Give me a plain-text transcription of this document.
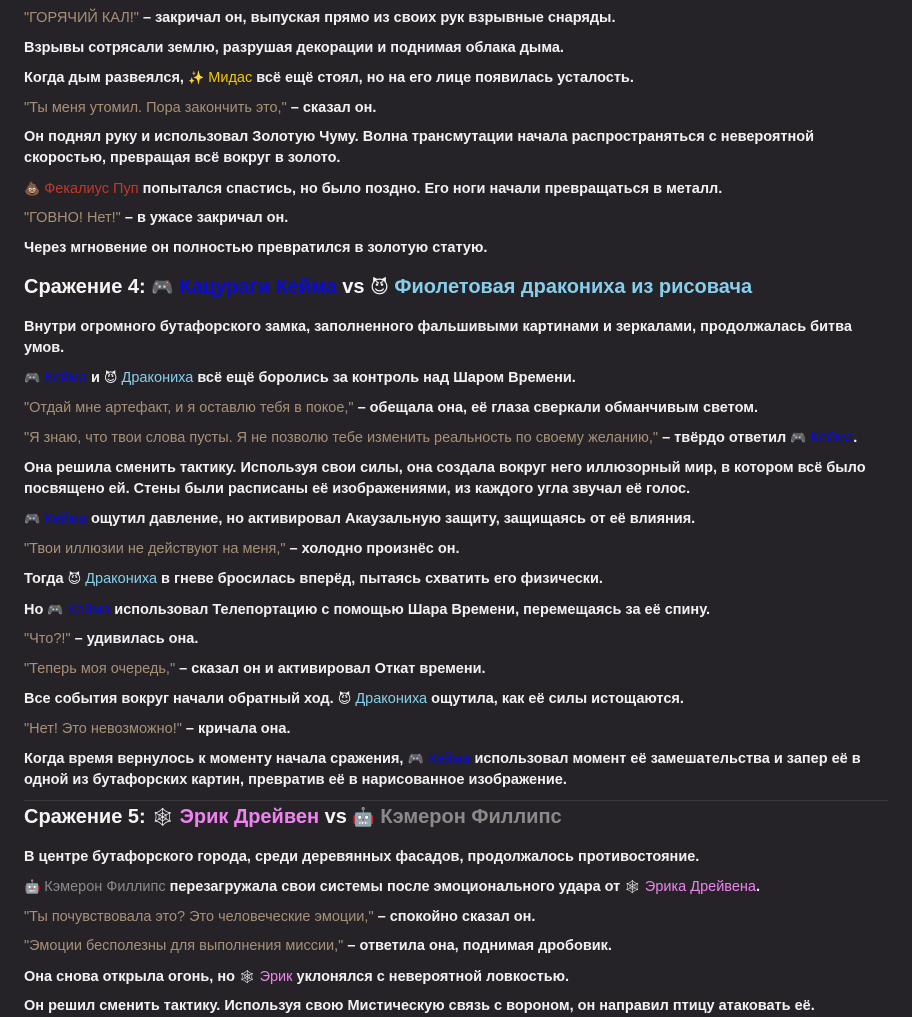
"ГОРЯЧИЙ КАЛ!" – закричал он, выпуская прямо из своих рук взрывные снаряды.

Взрывы сотрясали землю, разрушая декорации и поднимая облака дыма.

Когда дым развеялся, ✨ Мидас всё ещё стоял, но на его лице появилась усталость.

"Ты меня утомил. Пора закончить это," – сказал он.

Он поднял руку и использовал Золотую Чуму. Волна трансмутации начала распространяться с невероятной скоростью, превращая всё вокруг в золото.

💩 Фекалиус Пуп попытался спастись, но было поздно. Его ноги начали превращаться в металл.

"ГОВНО! Нет!" – в ужасе закричал он.

Через мгновение он полностью превратился в золотую статую.

Сражение 4: 🎮 Кацураги Кейма vs 😈 Фиолетовая дракониха из рисовача

Внутри огромного бутафорского замка, заполненного фальшивыми картинами и зеркалами, продолжалась битва умов.

🎮 Кейма и 😈 Дракониха всё ещё боролись за контроль над Шаром Времени.

"Отдай мне артефакт, и я оставлю тебя в покое," – обещала она, её глаза сверкали обманчивым светом.

"Я знаю, что твои слова пусты. Я не позволю тебе изменить реальность по своему желанию," – твёрдо ответил 🎮 Кейма.

Она решила сменить тактику. Используя свои силы, она создала вокруг него иллюзорный мир, в котором всё было посвящено ей. Стены были расписаны её изображениями, из каждого угла звучал её голос.

🎮 Кейма ощутил давление, но активировал Акаузальную защиту, защищаясь от её влияния.

"Твои иллюзии не действуют на меня," – холодно произнёс он.

Тогда 😈 Дракониха в гневе бросилась вперёд, пытаясь схватить его физически.

Но 🎮 Кейма использовал Телепортацию с помощью Шара Времени, перемещаясь за её спину.

"Что?!" – удивилась она.

"Теперь моя очередь," – сказал он и активировал Откат времени.

Все события вокруг начали обратный ход. 😈 Дракониха ощутила, как её силы истощаются.

"Нет! Это невозможно!" – кричала она.

Когда время вернулось к моменту начала сражения, 🎮 Кейма использовал момент её замешательства и запер её в одной из бутафорских картин, превратив её в нарисованное изображение.

Сражение 5: 🕸 Эрик Дрейвен vs 🤖 Кэмерон Филлипс

В центре бутафорского города, среди деревянных фасадов, продолжалось противостояние.

🤖 Кэмерон Филлипс перезагружала свои системы после эмоционального удара от 🕸 Эрика Дрейвена.

"Ты почувствовала это? Это человеческие эмоции," – спокойно сказал он.

"Эмоции бесполезны для выполнения миссии," – ответила она, поднимая дробовик.

Она снова открыла огонь, но 🕸 Эрик уклонялся с невероятной ловкостью.

Он решил сменить тактику. Используя свою Мистическую связь с вороном, он направил птицу атаковать её.
